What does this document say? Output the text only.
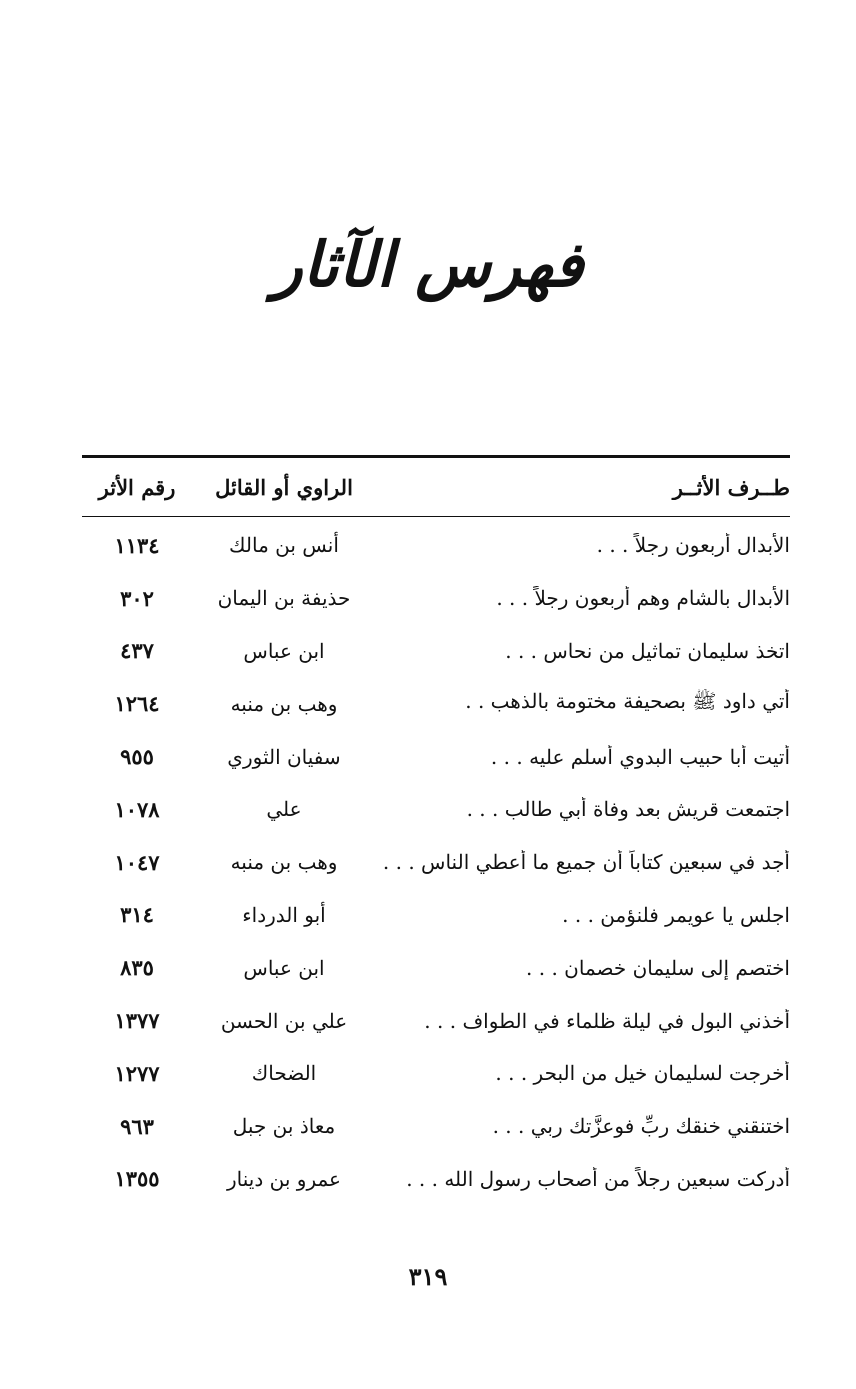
فهرس الآثار
طــرف الأثــر
الراوي أو القائل
رقم الأثر
الأبدال أربعون رجلاً . . .
أنس بن مالك
١١٣٤
الأبدال بالشام وهم أربعون رجلاً . . .
حذيفة بن اليمان
٣٠٢
اتخذ سليمان تماثيل من نحاس . . .
ابن عباس
٤٣٧
أتي داود ﷺ بصحيفة مختومة بالذهب . .
وهب بن منبه
١٢٦٤
أتيت أبا حبيب البدوي أسلم عليه . . .
سفيان الثوري
٩٥٥
اجتمعت قريش بعد وفاة أبي طالب . . .
علي
١٠٧٨
أجد في سبعين كتاباً أن جميع ما أعطي الناس . . .
وهب بن منبه
١٠٤٧
اجلس يا عويمر فلنؤمن . . .
أبو الدرداء
٣١٤
اختصم إلى سليمان خصمان . . .
ابن عباس
٨٣٥
أخذني البول في ليلة ظلماء في الطواف . . .
علي بن الحسن
١٣٧٧
أخرجت لسليمان خيل من البحر . . .
الضحاك
١٢٧٧
اختنقني خنقك ربِّ فوعزَّتك ربي . . .
معاذ بن جبل
٩٦٣
أدركت سبعين رجلاً من أصحاب رسول الله . . .
عمرو بن دينار
١٣٥٥
٣١٩
